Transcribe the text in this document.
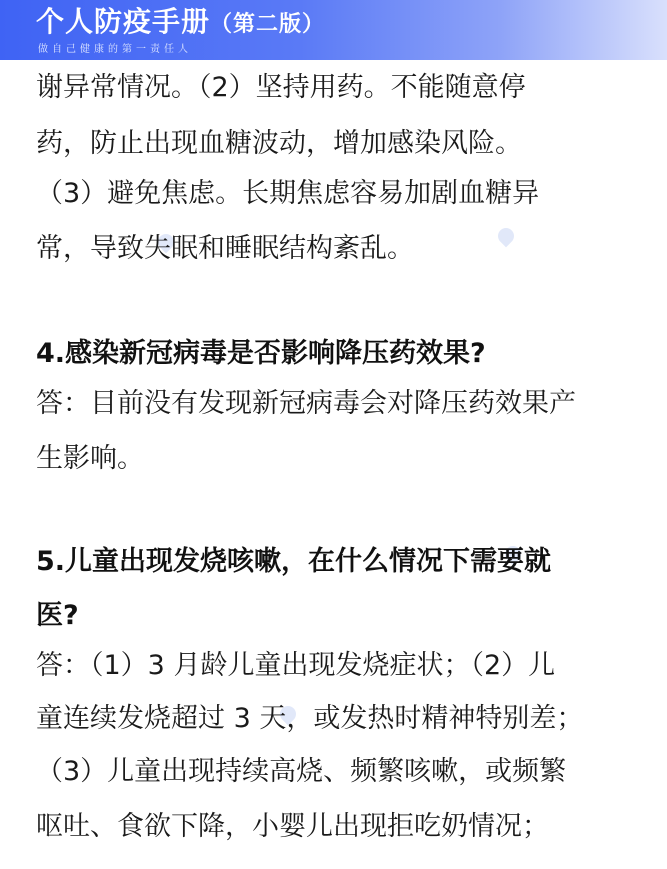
个人防疫手册（第二版）
做自己健康的第一责任人

谢异常情况。（2）坚持用药。不能随意停

药，防止出现血糖波动，增加感染风险。

（3）避免焦虑。长期焦虑容易加剧血糖异

常，导致失眠和睡眠结构紊乱。

4.感染新冠病毒是否影响降压药效果?

答：目前没有发现新冠病毒会对降压药效果产

生影响。

5.儿童出现发烧咳嗽，在什么情况下需要就

医?

答：（1）3 月龄儿童出现发烧症状；（2）儿

童连续发烧超过 3 天，或发热时精神特别差；

（3）儿童出现持续高烧、频繁咳嗽，或频繁

呕吐、食欲下降，小婴儿出现拒吃奶情况；
